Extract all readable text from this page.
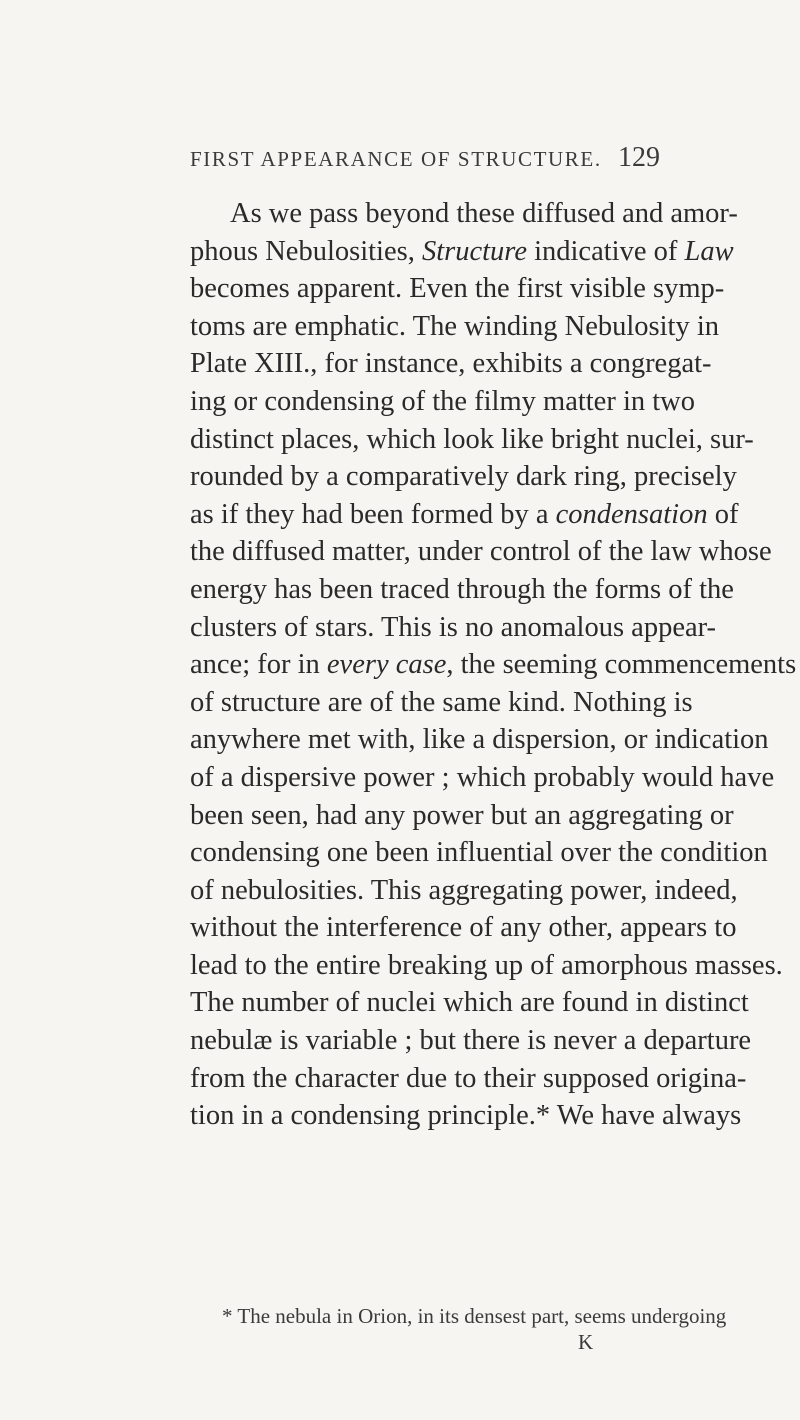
FIRST APPEARANCE OF STRUCTURE. 129
As we pass beyond these diffused and amor-
phous Nebulosities, Structure indicative of Law
becomes apparent. Even the first visible symp-
toms are emphatic. The winding Nebulosity in
Plate XIII., for instance, exhibits a congregat-
ing or condensing of the filmy matter in two
distinct places, which look like bright nuclei, sur-
rounded by a comparatively dark ring, precisely
as if they had been formed by a condensation of
the diffused matter, under control of the law whose
energy has been traced through the forms of the
clusters of stars. This is no anomalous appear-
ance; for in every case, the seeming commencements
of structure are of the same kind. Nothing is
anywhere met with, like a dispersion, or indication
of a dispersive power ; which probably would have
been seen, had any power but an aggregating or
condensing one been influential over the condition
of nebulosities. This aggregating power, indeed,
without the interference of any other, appears to
lead to the entire breaking up of amorphous masses.
The number of nuclei which are found in distinct
nebulæ is variable ; but there is never a departure
from the character due to their supposed origina-
tion in a condensing principle.* We have always
* The nebula in Orion, in its densest part, seems undergoing
K
